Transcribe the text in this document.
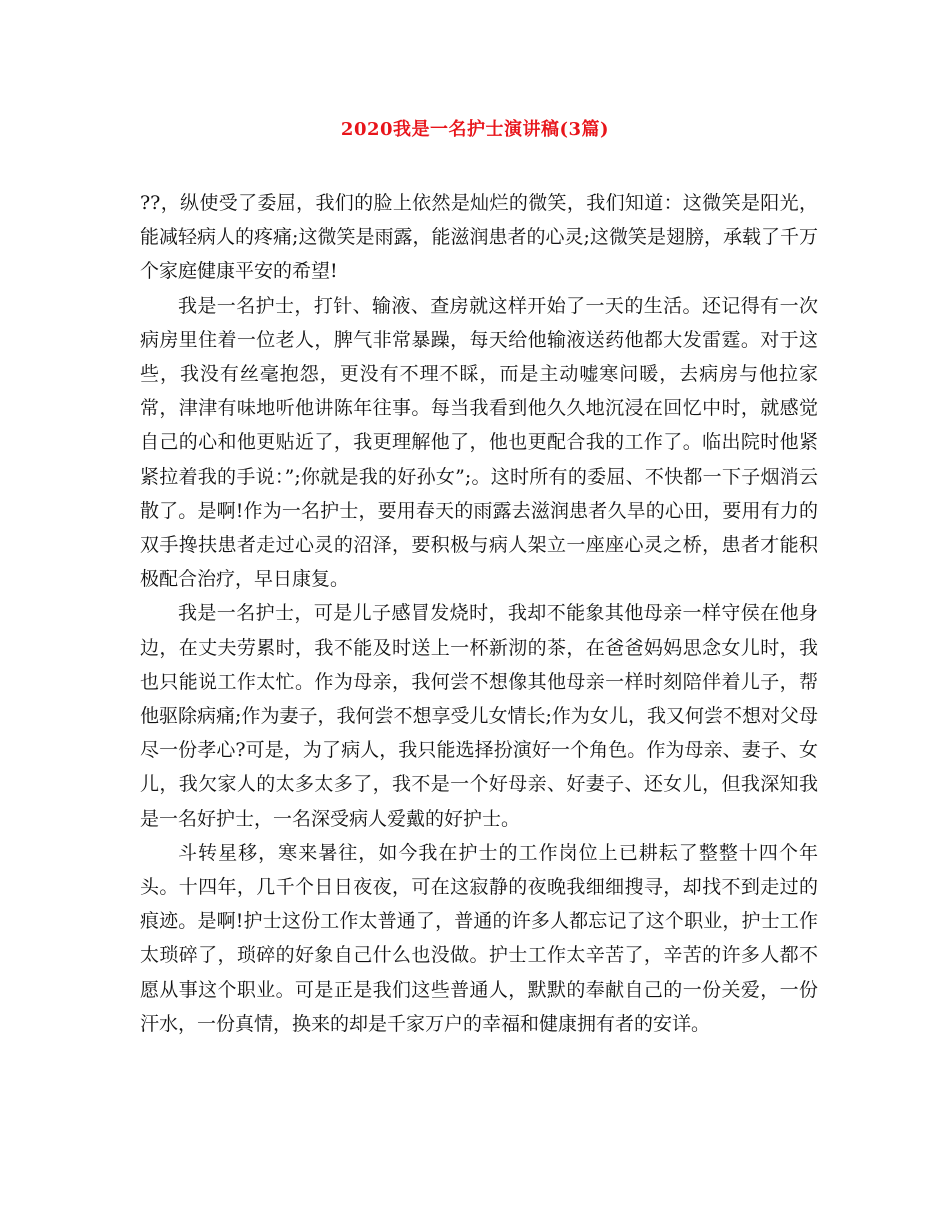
2020我是一名护士演讲稿(3篇)

??，纵使受了委屈，我们的脸上依然是灿烂的微笑，我们知道：这微笑是阳光，能减轻病人的疼痛;这微笑是雨露，能滋润患者的心灵;这微笑是翅膀，承载了千万个家庭健康平安的希望!

我是一名护士，打针、输液、查房就这样开始了一天的生活。还记得有一次病房里住着一位老人，脾气非常暴躁，每天给他输液送药他都大发雷霆。对于这些，我没有丝毫抱怨，更没有不理不睬，而是主动嘘寒问暖，去病房与他拉家常，津津有味地听他讲陈年往事。每当我看到他久久地沉浸在回忆中时，就感觉自己的心和他更贴近了，我更理解他了，他也更配合我的工作了。临出院时他紧紧拉着我的手说：”;你就是我的好孙女”;。这时所有的委屈、不快都一下子烟消云散了。是啊!作为一名护士，要用春天的雨露去滋润患者久旱的心田，要用有力的双手搀扶患者走过心灵的沼泽，要积极与病人架立一座座心灵之桥，患者才能积极配合治疗，早日康复。

我是一名护士，可是儿子感冒发烧时，我却不能象其他母亲一样守侯在他身边，在丈夫劳累时，我不能及时送上一杯新沏的茶，在爸爸妈妈思念女儿时，我也只能说工作太忙。作为母亲，我何尝不想像其他母亲一样时刻陪伴着儿子，帮他驱除病痛;作为妻子，我何尝不想享受儿女情长;作为女儿，我又何尝不想对父母尽一份孝心?可是，为了病人，我只能选择扮演好一个角色。作为母亲、妻子、女儿，我欠家人的太多太多了，我不是一个好母亲、好妻子、还女儿，但我深知我是一名好护士，一名深受病人爱戴的好护士。

斗转星移，寒来暑往，如今我在护士的工作岗位上已耕耘了整整十四个年头。十四年，几千个日日夜夜，可在这寂静的夜晚我细细搜寻，却找不到走过的痕迹。是啊!护士这份工作太普通了，普通的许多人都忘记了这个职业，护士工作太琐碎了，琐碎的好象自己什么也没做。护士工作太辛苦了，辛苦的许多人都不愿从事这个职业。可是正是我们这些普通人，默默的奉献自己的一份关爱，一份汗水，一份真情，换来的却是千家万户的幸福和健康拥有者的安详。
